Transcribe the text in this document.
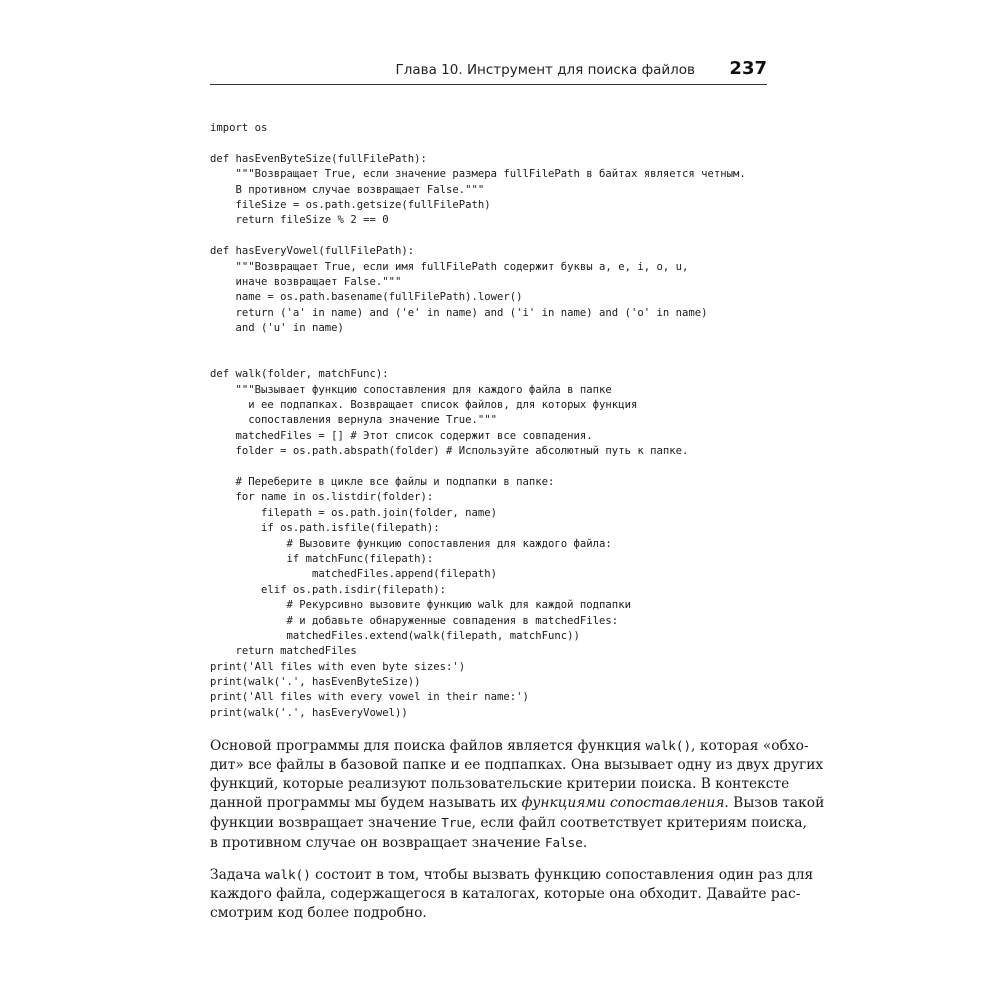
Глава 10. Инструмент для поиска файлов 237
import os
def hasEvenByteSize(fullFilePath):
"""Возвращает True, если значение размера fullFilePath в байтах является четным.
В противном случае возвращает False."""
fileSize = os.path.getsize(fullFilePath)
return fileSize % 2 == 0
def hasEveryVowel(fullFilePath):
"""Возвращает True, если имя fullFilePath содержит буквы a, e, i, o, u,
иначе возвращает False."""
name = os.path.basename(fullFilePath).lower()
return ('a' in name) and ('e' in name) and ('i' in name) and ('o' in name)
and ('u' in name)
def walk(folder, matchFunc):
"""Вызывает функцию сопоставления для каждого файла в папке
и ее подпапках. Возвращает список файлов, для которых функция
сопоставления вернула значение True."""
matchedFiles = [] # Этот список содержит все совпадения.
folder = os.path.abspath(folder) # Используйте абсолютный путь к папке.
# Переберите в цикле все файлы и подпапки в папке:
for name in os.listdir(folder):
filepath = os.path.join(folder, name)
if os.path.isfile(filepath):
# Вызовите функцию сопоставления для каждого файла:
if matchFunc(filepath):
matchedFiles.append(filepath)
elif os.path.isdir(filepath):
# Рекурсивно вызовите функцию walk для каждой подпапки
# и добавьте обнаруженные совпадения в matchedFiles:
matchedFiles.extend(walk(filepath, matchFunc))
return matchedFiles
print('All files with even byte sizes:')
print(walk('.', hasEvenByteSize))
print('All files with every vowel in their name:')
print(walk('.', hasEveryVowel))

Основой программы для поиска файлов является функция walk(), которая «обхо-
дит» все файлы в базовой папке и ее подпапках. Она вызывает одну из двух других
функций, которые реализуют пользовательские критерии поиска. В контексте
данной программы мы будем называть их функциями сопоставления. Вызов такой
функции возвращает значение True, если файл соответствует критериям поиска,
в противном случае он возвращает значение False.

Задача walk() состоит в том, чтобы вызвать функцию сопоставления один раз для
каждого файла, содержащегося в каталогах, которые она обходит. Давайте рас-
смотрим код более подробно.
